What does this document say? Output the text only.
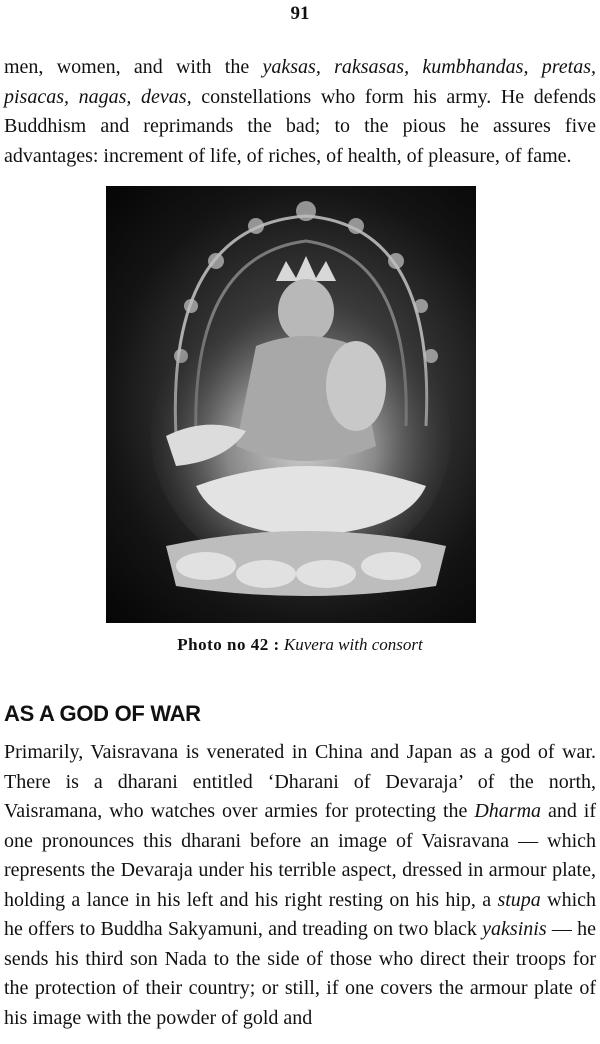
91

men, women, and with the yaksas, raksasas, kumbhandas, pretas, pisacas, nagas, devas, constellations who form his army. He defends Buddhism and reprimands the bad; to the pious he assures five advantages: increment of life, of riches, of health, of pleasure, of fame.

Photo no 42 : Kuvera with consort
AS A GOD OF WAR

Primarily, Vaisravana is venerated in China and Japan as a god of war. There is a dharani entitled ‘Dharani of Devaraja’ of the north, Vaisramana, who watches over armies for protecting the Dharma and if one pronounces this dharani before an image of Vaisravana — which represents the Devaraja under his terrible aspect, dressed in armour plate, holding a lance in his left and his right resting on his hip, a stupa which he offers to Buddha Sakyamuni, and treading on two black yaksinis — he sends his third son Nada to the side of those who direct their troops for the protection of their country; or still, if one covers the armour plate of his image with the powder of gold and
